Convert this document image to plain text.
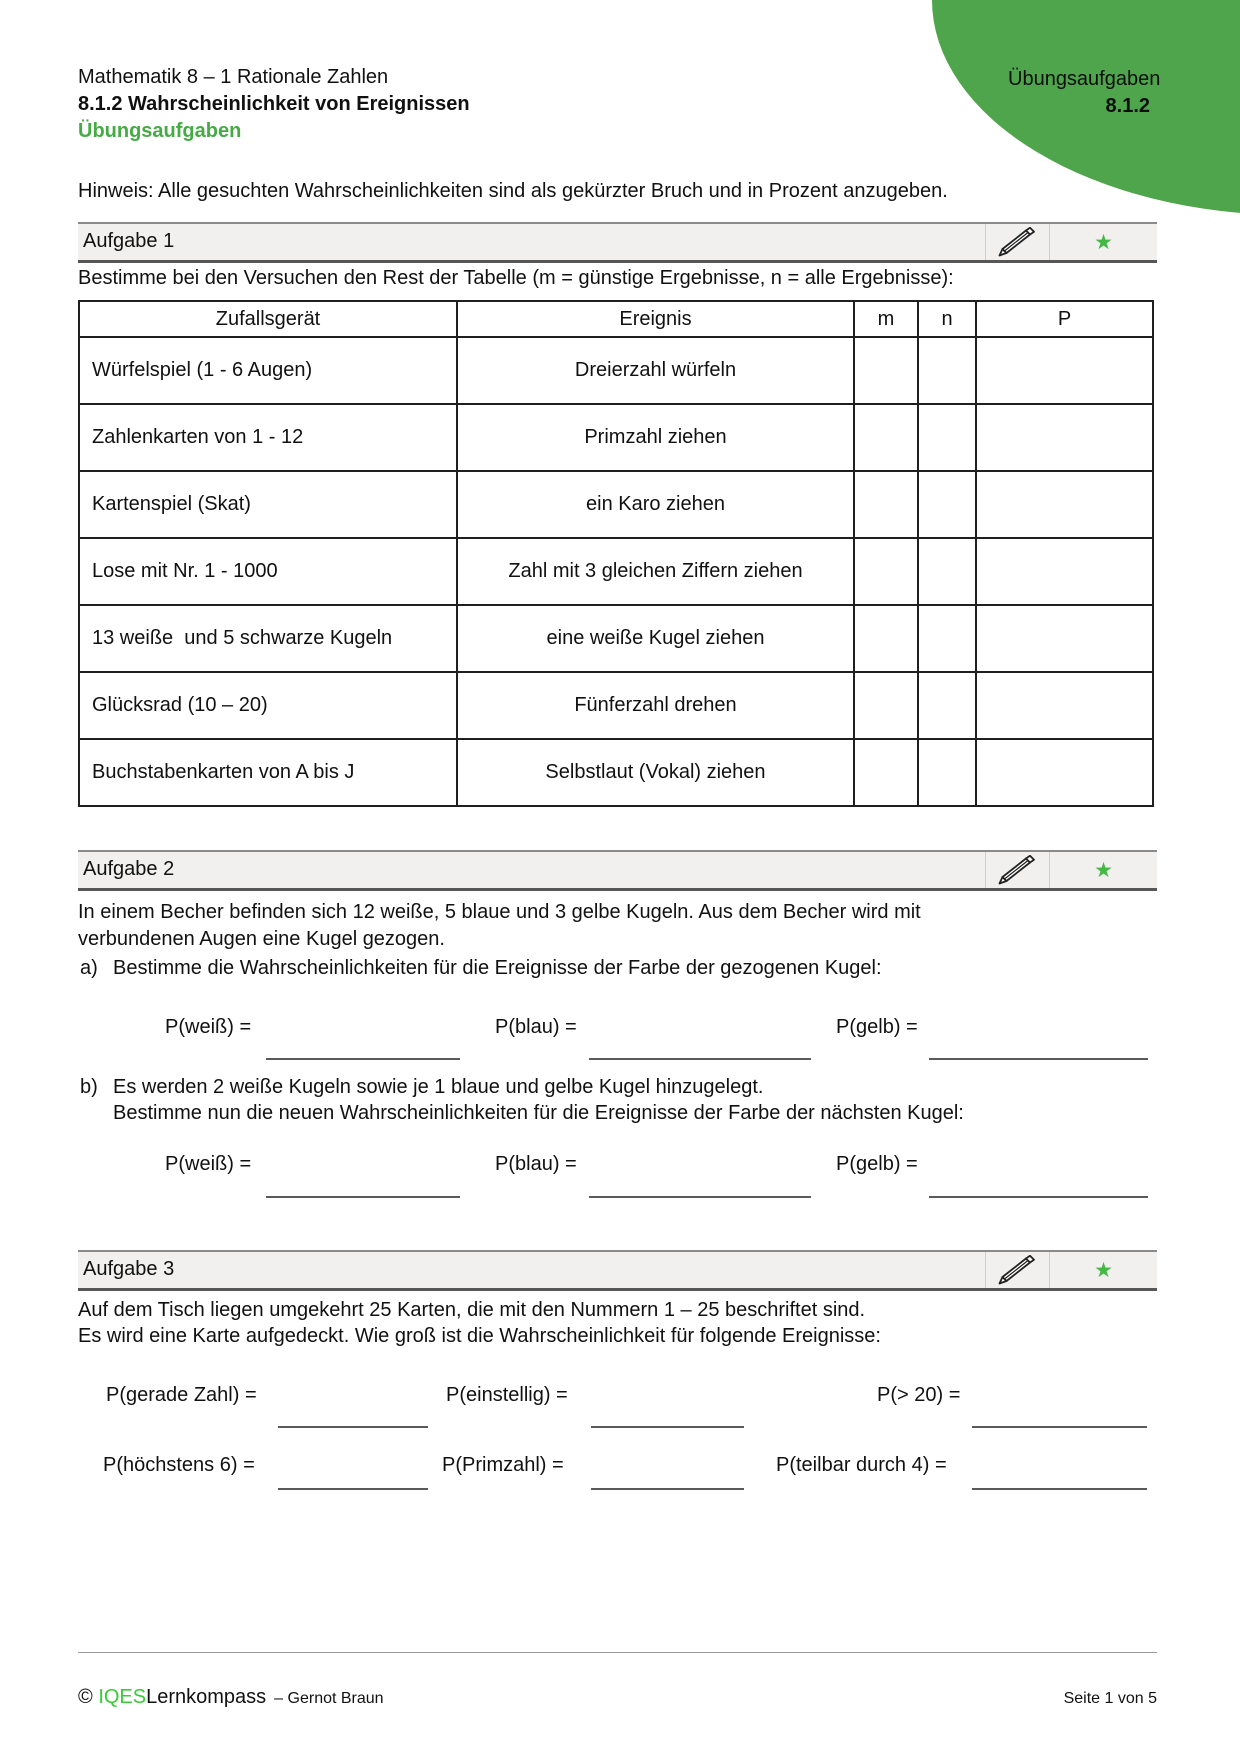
Übungsaufgaben
8.1.2
Mathematik 8 – 1 Rationale Zahlen
8.1.2 Wahrscheinlichkeit von Ereignissen
Übungsaufgaben
Hinweis: Alle gesuchten Wahrscheinlichkeiten sind als gekürzter Bruch und in Prozent anzugeben.
Aufgabe 1	★
Bestimme bei den Versuchen den Rest der Tabelle (m = günstige Ergebnisse, n = alle Ergebnisse):
Zufallsgerät	Ereignis	m	n	P
Würfelspiel (1 - 6 Augen)	Dreierzahl würfeln			
Zahlenkarten von 1 - 12	Primzahl ziehen			
Kartenspiel (Skat)	ein Karo ziehen			
Lose mit Nr. 1 - 1000	Zahl mit 3 gleichen Ziffern ziehen			
13 weiße  und 5 schwarze Kugeln	eine weiße Kugel ziehen			
Glücksrad (10 – 20)	Fünferzahl drehen			
Buchstabenkarten von A bis J	Selbstlaut (Vokal) ziehen			
Aufgabe 2	★
In einem Becher befinden sich 12 weiße, 5 blaue und 3 gelbe Kugeln. Aus dem Becher wird mit
verbundenen Augen eine Kugel gezogen.
a) Bestimme die Wahrscheinlichkeiten für die Ereignisse der Farbe der gezogenen Kugel:
P(weiß) =	P(blau) =	P(gelb) =
b) Es werden 2 weiße Kugeln sowie je 1 blaue und gelbe Kugel hinzugelegt.
Bestimme nun die neuen Wahrscheinlichkeiten für die Ereignisse der Farbe der nächsten Kugel:
P(weiß) =	P(blau) =	P(gelb) =
Aufgabe 3	★
Auf dem Tisch liegen umgekehrt 25 Karten, die mit den Nummern 1 – 25 beschriftet sind.
Es wird eine Karte aufgedeckt. Wie groß ist die Wahrscheinlichkeit für folgende Ereignisse:
P(gerade Zahl) =	P(einstellig) =	P(> 20) =
P(höchstens 6) =	P(Primzahl) =	P(teilbar durch 4) =
©
IQES Lernkompass – Gernot Braun	Seite 1 von 5
